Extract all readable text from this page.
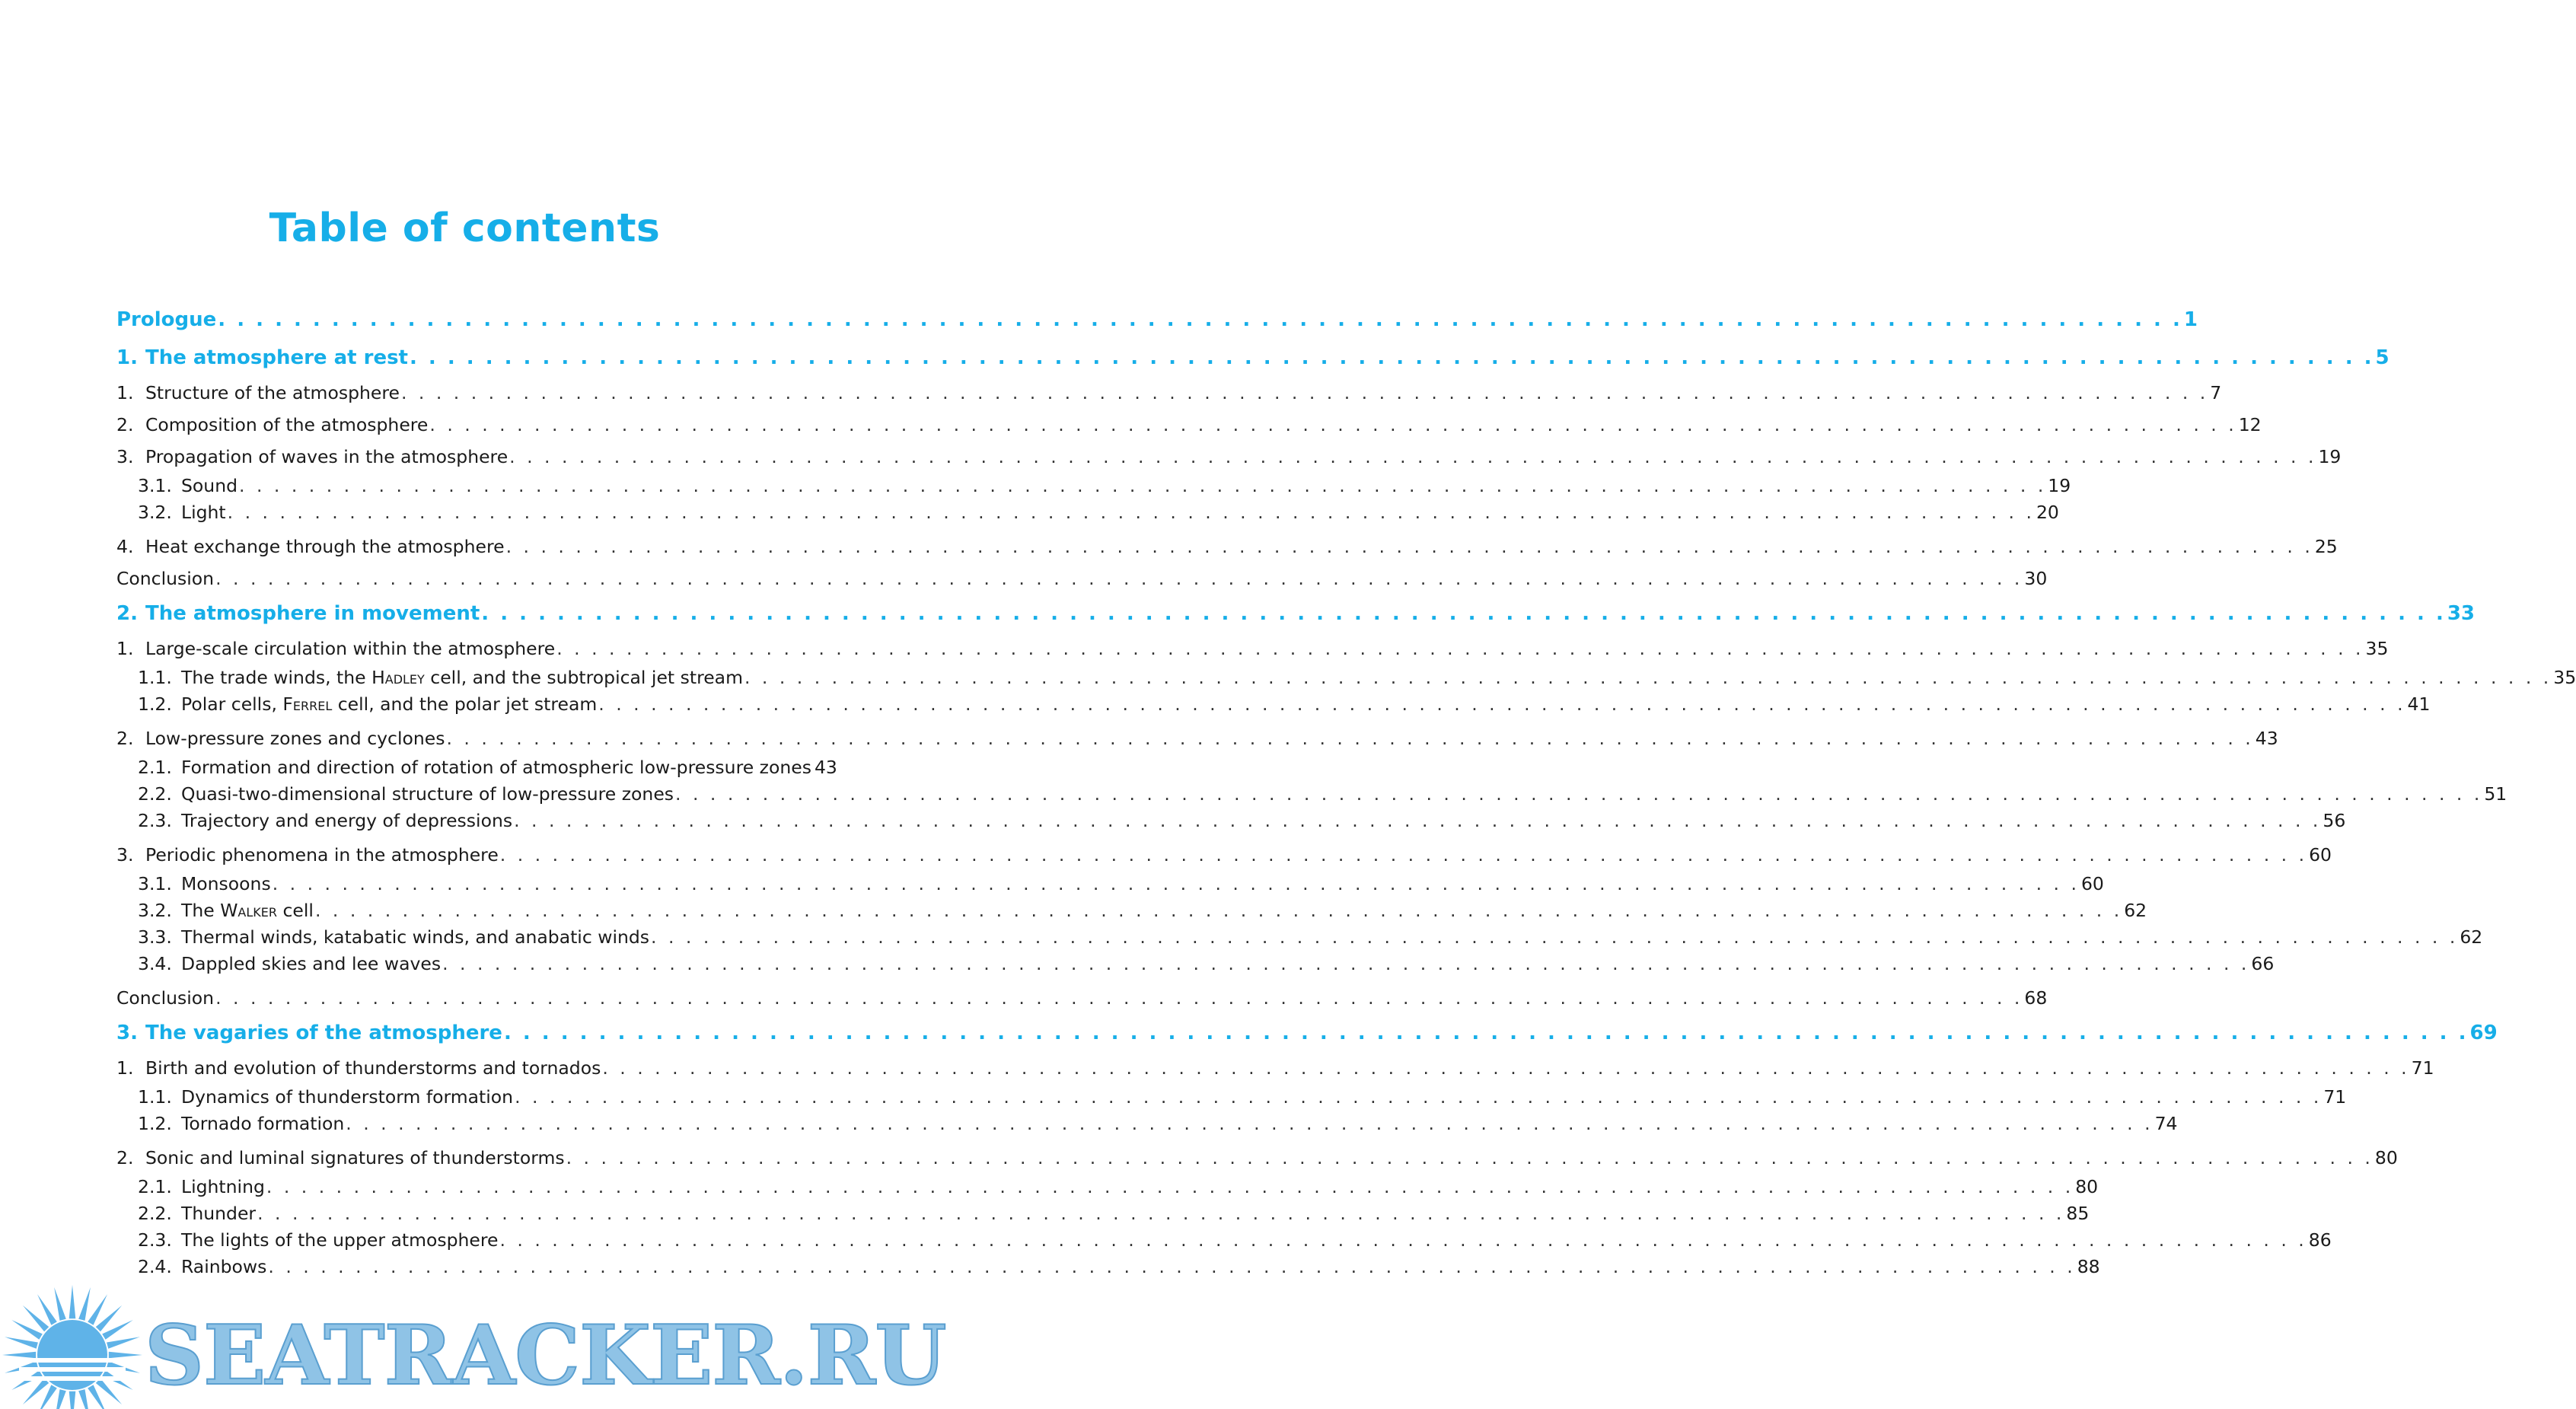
Table of contents
Prologue . . .	1
1. The atmosphere at rest . . .	5
1. Structure of the atmosphere . . .	7
2. Composition of the atmosphere . . .	12
3. Propagation of waves in the atmosphere . . .	19
3.1. Sound . . .	19
3.2. Light . . .	20
4. Heat exchange through the atmosphere . . .	25
Conclusion . . .	30
2. The atmosphere in movement . . .	33
1. Large-scale circulation within the atmosphere . . .	35
1.1. The trade winds, the Hadley cell, and the subtropical jet stream . . .	35
1.2. Polar cells, Ferrel cell, and the polar jet stream . . .	41
2. Low-pressure zones and cyclones . . .	43
2.1. Formation and direction of rotation of atmospheric low-pressure zones 43
2.2. Quasi-two-dimensional structure of low-pressure zones . . .	51
2.3. Trajectory and energy of depressions . . .	56
3. Periodic phenomena in the atmosphere . . .	60
3.1. Monsoons . . .	60
3.2. The Walker cell . . .	62
3.3. Thermal winds, katabatic winds, and anabatic winds . . .	62
3.4. Dappled skies and lee waves . . .	66
Conclusion . . .	68
3. The vagaries of the atmosphere . . .	69
1. Birth and evolution of thunderstorms and tornados . . .	71
1.1. Dynamics of thunderstorm formation . . .	71
1.2. Tornado formation . . .	74
2. Sonic and luminal signatures of thunderstorms . . .	80
2.1. Lightning . . .	80
2.2. Thunder . . .	85
2.3. The lights of the upper atmosphere . . .	86
2.4. Rainbows . . .	88
SEATRACKER.RU
